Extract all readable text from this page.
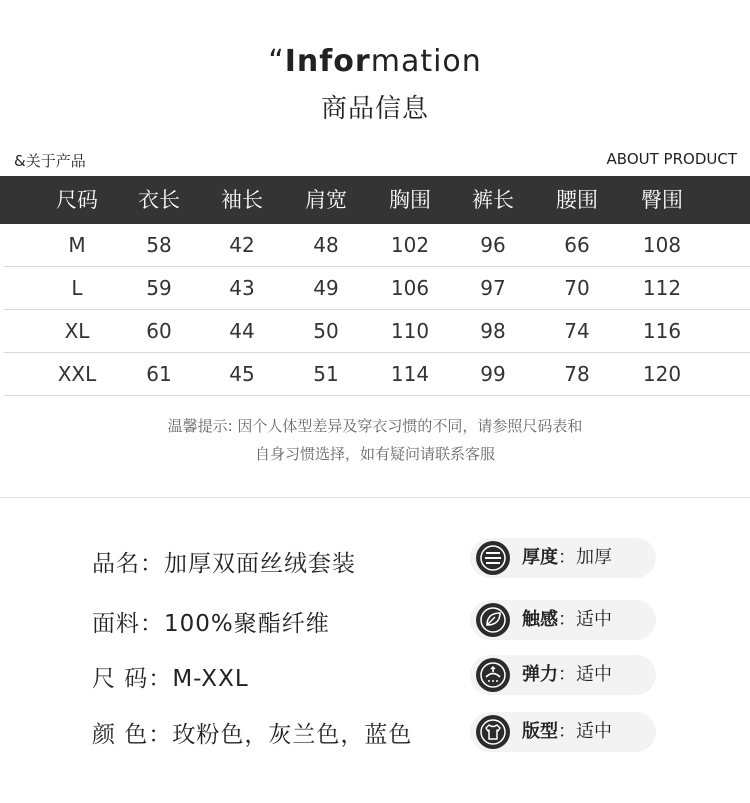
“Information
商品信息
&关于产品	ABOUT PRODUCT
尺码	衣长	袖长	肩宽	胸围	裤长	腰围	臀围
M	58	42	48	102	96	66	108
L	59	43	49	106	97	70	112
XL	60	44	50	110	98	74	116
XXL	61	45	51	114	99	78	120
温馨提示: 因个人体型差异及穿衣习惯的不同，请参照尺码表和
自身习惯选择，如有疑问请联系客服
品名：加厚双面丝绒套装
面料：100%聚酯纤维
尺 码：M-XXL
颜 色：玫粉色，灰兰色，蓝色
厚度：加厚
触感：适中
弹力：适中
版型：适中
